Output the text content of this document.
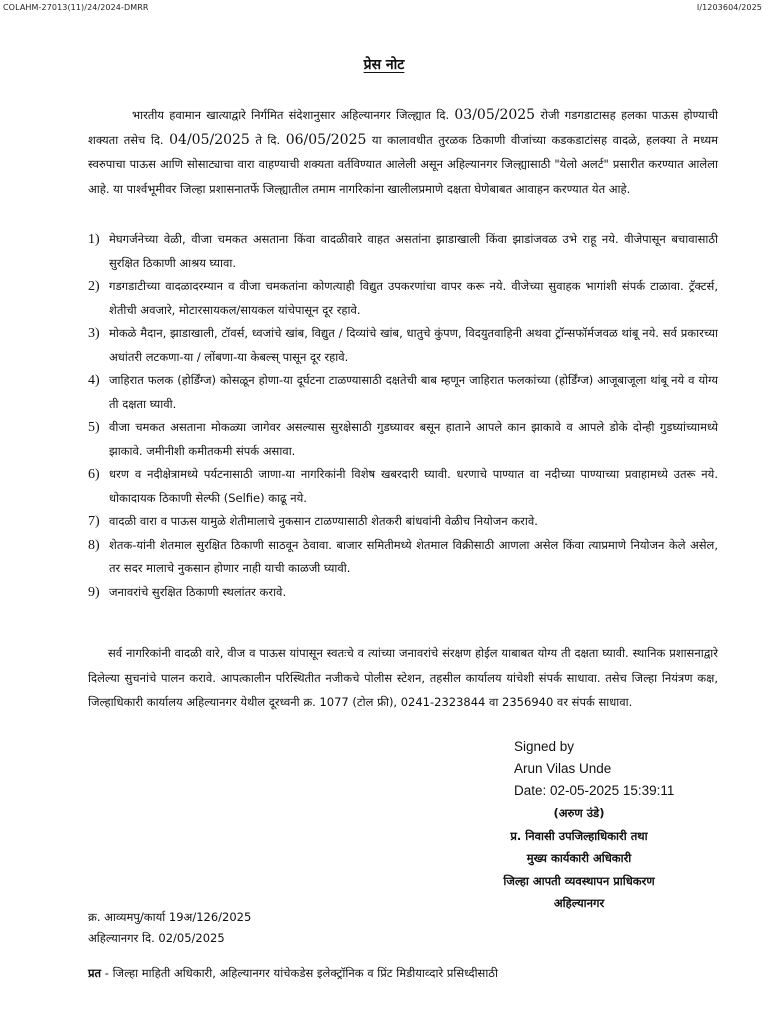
COLAHM-27013(11)/24/2024-DMRR	I/1203604/2025
प्रेस नोट

भारतीय हवामान खात्याद्वारे निर्गमित संदेशानुसार अहिल्यानगर जिल्ह्यात दि. 03/05/2025 रोजी गडगडाटासह हलका पाऊस होण्याची शक्यता तसेच दि. 04/05/2025 ते दि. 06/05/2025 या कालावधीत तुरळक ठिकाणी वीजांच्या कडकडाटांसह वादळे, हलक्या ते मध्यम स्वरुपाचा पाऊस आणि सोसाट्याचा वारा वाहण्याची शक्यता वर्तविण्यात आलेली असून अहिल्यानगर जिल्ह्यासाठी "येलो अलर्ट" प्रसारीत करण्यात आलेला आहे. या पार्श्वभूमीवर जिल्हा प्रशासनातर्फे जिल्ह्यातील तमाम नागरिकांना खालीलप्रमाणे दक्षता घेणेबाबत आवाहन करण्यात येत आहे.

1) मेघगर्जनेच्या वेळी, वीजा चमकत असताना किंवा वादळीवारे वाहत असतांना झाडाखाली किंवा झाडांजवळ उभे राहू नये. वीजेपासून बचावासाठी सुरक्षित ठिकाणी आश्रय घ्यावा.
2) गडगडाटीच्या वादळादरम्यान व वीजा चमकतांना कोणत्याही विद्युत उपकरणांचा वापर करू नये. वीजेच्या सुवाहक भागांशी संपर्क टाळावा. ट्रॅक्टर्स, शेतीची अवजारे, मोटारसायकल/सायकल यांचेपासून दूर रहावे.
3) मोकळे मैदान, झाडाखाली, टॉवर्स, ध्वजांचे खांब, विद्युत / दिव्यांचे खांब, धातुचे कुंपण, विदयुतवाहिनी अथवा ट्रॉन्सफॉर्मजवळ थांबू नये. सर्व प्रकारच्या अधांतरी लटकणा-या / लोंबणा-या केबल्स् पासून दूर रहावे.
4) जाहिरात फलक (होर्डिंग्ज) कोसळून होणा-या दूर्घटना टाळण्यासाठी दक्षतेची बाब म्हणून जाहिरात फलकांच्या (होर्डिंग्ज) आजूबाजूला थांबू नये व योग्य ती दक्षता घ्यावी.
5) वीजा चमकत असताना मोकळ्या जागेवर असल्यास सुरक्षेसाठी गुडघ्यावर बसून हाताने आपले कान झाकावे व आपले डोके दोन्ही गुडघ्यांच्यामध्ये झाकावे. जमीनीशी कमीतकमी संपर्क असावा.
6) धरण व नदीक्षेत्रामध्ये पर्यटनासाठी जाणा-या नागरिकांनी विशेष खबरदारी घ्यावी. धरणाचे पाण्यात वा नदीच्या पाण्याच्या प्रवाहामध्ये उतरू नये. धोकादायक ठिकाणी सेल्फी (Selfie) काढू नये.
7) वादळी वारा व पाऊस यामुळे शेतीमालाचे नुकसान टाळण्यासाठी शेतकरी बांधवांनी वेळीच नियोजन करावे.
8) शेतक-यांनी शेतमाल सुरक्षित ठिकाणी साठवून ठेवावा. बाजार समितीमध्ये शेतमाल विक्रीसाठी आणला असेल किंवा त्याप्रमाणे नियोजन केले असेल, तर सदर मालाचे नुकसान होणार नाही याची काळजी घ्यावी.
9) जनावरांचे सुरक्षित ठिकाणी स्थलांतर करावे.

सर्व नागरिकांनी वादळी वारे, वीज व पाऊस यांपासून स्वतःचे व त्यांच्या जनावरांचे संरक्षण होईल याबाबत योग्य ती दक्षता घ्यावी. स्थानिक प्रशासनाद्वारे दिलेल्या सुचनांचे पालन करावे. आपत्कालीन परिस्थितीत नजीकचे पोलीस स्टेशन, तहसील कार्यालय यांचेशी संपर्क साधावा. तसेच जिल्हा नियंत्रण कक्ष, जिल्हाधिकारी कार्यालय अहिल्यानगर येथील दूरध्वनी क्र. 1077 (टोल फ्री), 0241-2323844 वा 2356940 वर संपर्क साधावा.

Signed by
Arun Vilas Unde
Date: 02-05-2025 15:39:11
(अरुण उंडे)
प्र. निवासी उपजिल्हाधिकारी तथा
मुख्य कार्यकारी अधिकारी
जिल्हा आपती व्यवस्थापन प्राधिकरण
अहिल्यानगर
क्र. आव्यमपु/कार्या 19अ/126/2025
अहिल्यानगर दि. 02/05/2025
प्रत - जिल्हा माहिती अधिकारी, अहिल्यानगर यांचेकडेस इलेक्ट्रॉनिक व प्रिंट मिडीयाव्दारे प्रसिध्दीसाठी
